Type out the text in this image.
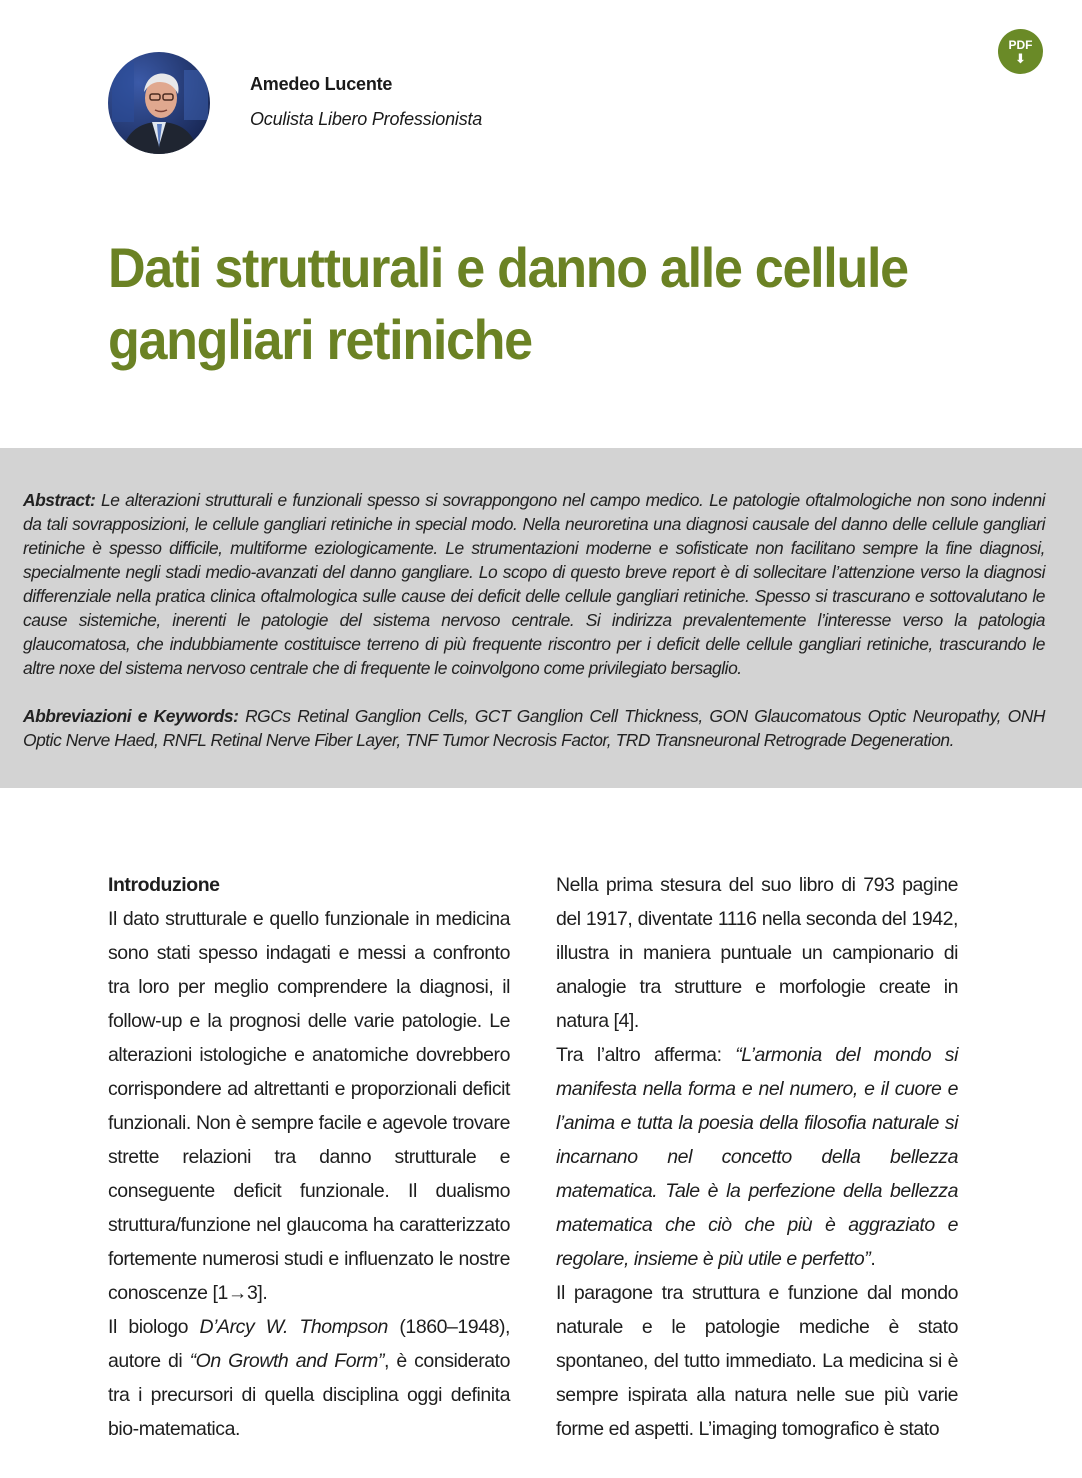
Amedeo Lucente
Oculista Libero Professionista
PDF
⬇
Dati strutturali e danno alle cellule gangliari retiniche

Abstract: Le alterazioni strutturali e funzionali spesso si sovrappongono nel campo medico. Le patologie oftalmologiche non sono indenni da tali sovrapposizioni, le cellule gangliari retiniche in special modo. Nella neuroretina una diagnosi causale del danno delle cellule gangliari retiniche è spesso difficile, multiforme eziologicamente. Le strumentazioni moderne e sofisticate non facilitano sempre la fine diagnosi, specialmente negli stadi medio-avanzati del danno gangliare. Lo scopo di questo breve report è di sollecitare l’attenzione verso la diagnosi differenziale nella pratica clinica oftalmologica sulle cause dei deficit delle cellule gangliari retiniche. Spesso si trascurano e sottovalutano le cause sistemiche, inerenti le patologie del sistema nervoso centrale. Si indirizza prevalentemente l’interesse verso la patologia glaucomatosa, che indubbiamente costituisce terreno di più frequente riscontro per i deficit delle cellule gangliari retiniche, trascurando le altre noxe del sistema nervoso centrale che di frequente le coinvolgono come privilegiato bersaglio.

Abbreviazioni e Keywords: RGCs Retinal Ganglion Cells, GCT Ganglion Cell Thickness, GON Glaucomatous Optic Neuropathy, ONH Optic Nerve Haed, RNFL Retinal Nerve Fiber Layer, TNF Tumor Necrosis Factor, TRD Transneuronal Retrograde Degeneration.

Introduzione

Il dato strutturale e quello funzionale in medicina sono stati spesso indagati e messi a confronto tra loro per meglio comprendere la diagnosi, il follow-up e la prognosi delle varie patologie. Le alterazioni istologiche e anatomiche dovrebbero corrispondere ad altrettanti e proporzionali deficit funzionali. Non è sempre facile e agevole trovare strette relazioni tra danno strutturale e conseguente deficit funzionale. Il dualismo struttura/funzione nel glaucoma ha caratterizzato fortemente numerosi studi e influenzato le nostre conoscenze [1→3].

Il biologo D’Arcy W. Thompson (1860–1948), autore di “On Growth and Form”, è considerato tra i precursori di quella disciplina oggi definita bio-matematica.

Nella prima stesura del suo libro di 793 pagine del 1917, diventate 1116 nella seconda del 1942, illustra in maniera puntuale un campionario di analogie tra strutture e morfologie create in natura [4].

Tra l’altro afferma: “L’armonia del mondo si manifesta nella forma e nel numero, e il cuore e l’anima e tutta la poesia della filosofia naturale si incarnano nel concetto della bellezza matematica. Tale è la perfezione della bellezza matematica che ciò che più è aggraziato e regolare, insieme è più utile e perfetto”.

Il paragone tra struttura e funzione dal mondo naturale e le patologie mediche è stato spontaneo, del tutto immediato. La medicina si è sempre ispirata alla natura nelle sue più varie forme ed aspetti. L’imaging tomografico è stato
